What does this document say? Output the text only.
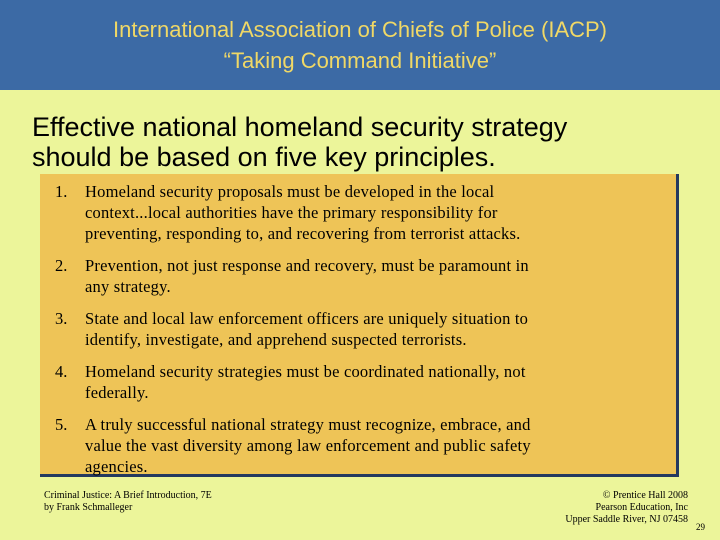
International Association of Chiefs of Police (IACP)

“Taking Command Initiative”

Effective national homeland security strategy
should be based on five key principles.
1. Homeland security proposals must be developed in the local
context...local authorities have the primary responsibility for
preventing, responding to, and recovering from terrorist attacks.
2. Prevention, not just response and recovery, must be paramount in
any strategy.
3. State and local law enforcement officers are uniquely situation to
identify, investigate, and apprehend suspected terrorists.
4. Homeland security strategies must be coordinated nationally, not
federally.
5. A truly successful national strategy must recognize, embrace, and
value the vast diversity among law enforcement and public safety
agencies.
Criminal Justice: A Brief Introduction, 7E
by Frank Schmalleger
© Prentice Hall 2008
Pearson Education, Inc
Upper Saddle River, NJ 07458
29
